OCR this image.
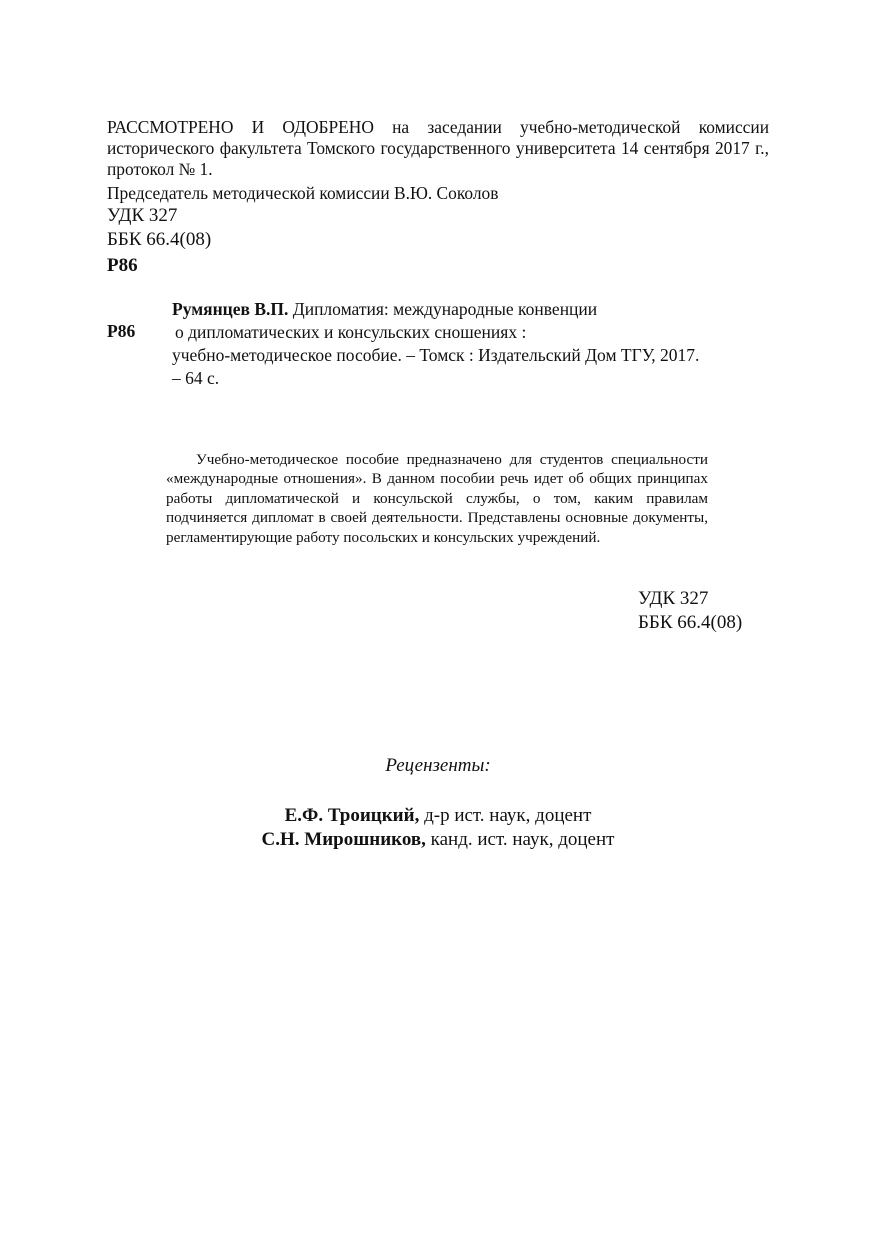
РАССМОТРЕНО И ОДОБРЕНО на заседании учебно-методической комиссии исторического факультета Томского государственного университета 14 сентября 2017 г., протокол № 1.
Председатель методической комиссии В.Ю. Соколов
УДК 327
ББК 66.4(08)
Р86
Р86
Румянцев В.П. Дипломатия: международные конвенции
о дипломатических и консульских сношениях :
учебно-методическое пособие. – Томск : Издательский Дом ТГУ, 2017.
– 64 с.

Учебно-методическое пособие предназначено для студентов специальности «международные отношения». В данном пособии речь идет об общих принципах работы дипломатической и консульской службы, о том, каким правилам подчиняется дипломат в своей деятельности. Представлены основные документы, регламентирующие работу посольских и консульских учреждений.

УДК 327
ББК 66.4(08)
Рецензенты:
Е.Ф. Троицкий, д-р ист. наук, доцент
С.Н. Мирошников, канд. ист. наук, доцент
